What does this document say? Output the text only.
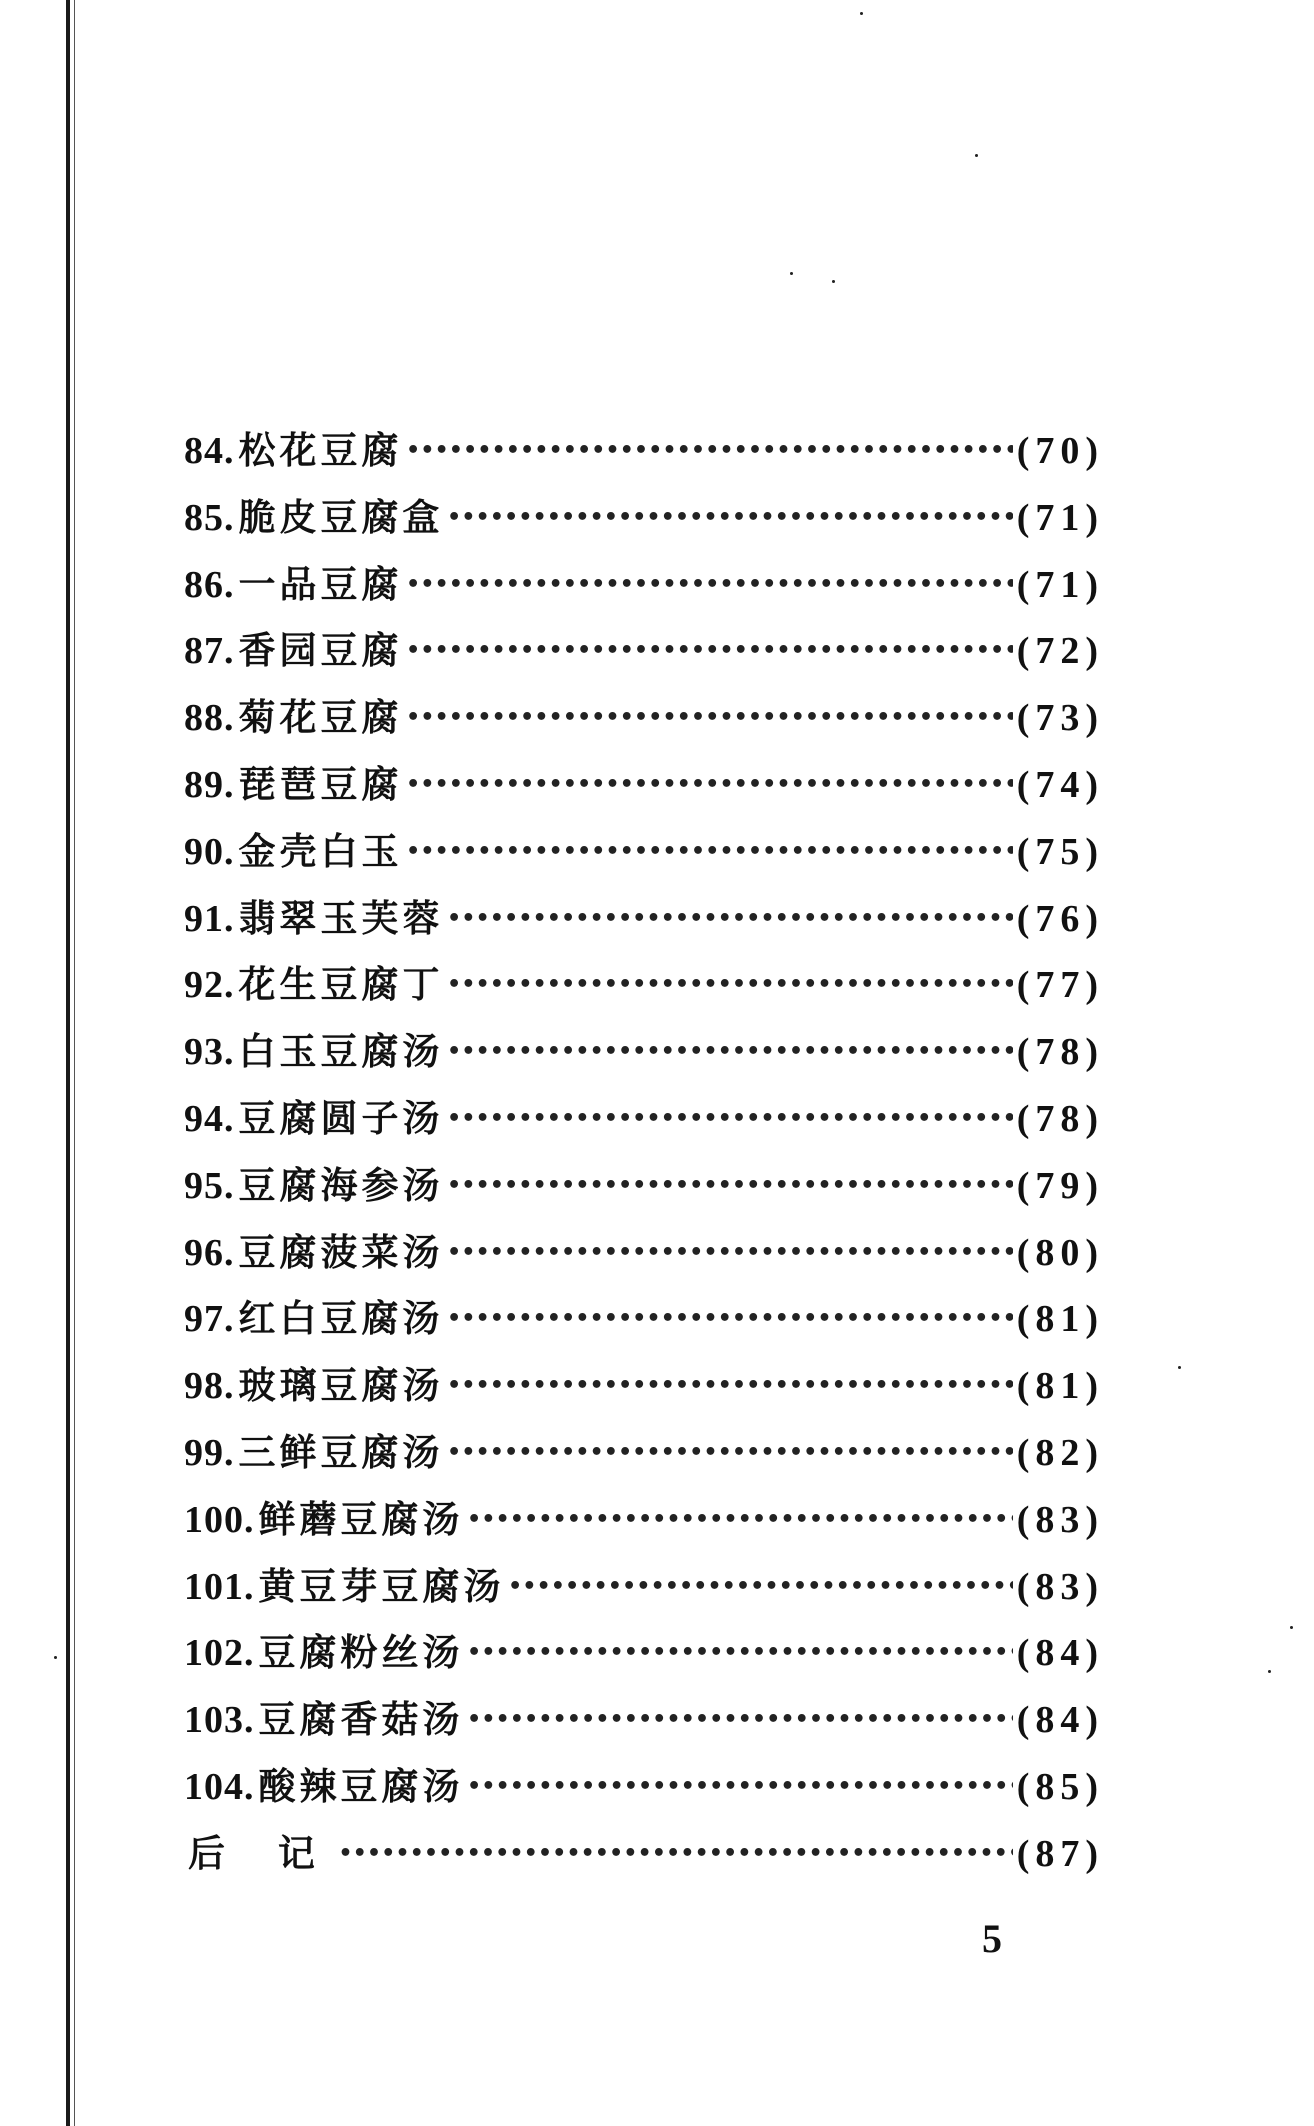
84. 松花豆腐 •••••	(70)
85. 脆皮豆腐盒 •••••	(71)
86. 一品豆腐 •••••	(71)
87. 香园豆腐 •••••	(72)
88. 菊花豆腐 •••••	(73)
89. 琵琶豆腐 •••••	(74)
90. 金壳白玉 •••••	(75)
91. 翡翠玉芙蓉 •••••	(76)
92. 花生豆腐丁 •••••	(77)
93. 白玉豆腐汤 •••••	(78)
94. 豆腐圆子汤 •••••	(78)
95. 豆腐海参汤 •••••	(79)
96. 豆腐菠菜汤 •••••	(80)
97. 红白豆腐汤 •••••	(81)
98. 玻璃豆腐汤 •••••	(81)
99. 三鲜豆腐汤 •••••	(82)
100. 鲜蘑豆腐汤 •••••	(83)
101. 黄豆芽豆腐汤 •••••	(83)
102. 豆腐粉丝汤 •••••	(84)
103. 豆腐香菇汤 •••••	(84)
104. 酸辣豆腐汤 •••••	(85)
后 记 •••••	(87)
5
